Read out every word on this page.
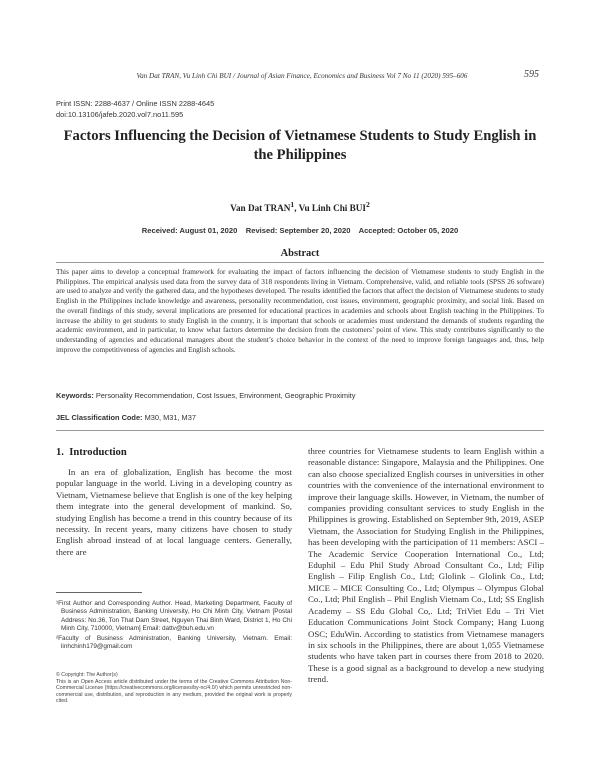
Van Dat TRAN, Vu Linh Chi BUI / Journal of Asian Finance, Economics and Business Vol 7 No 11 (2020) 595–606	595
Print ISSN: 2288-4637 / Online ISSN 2288-4645
doi:10.13106/jafeb.2020.vol7.no11.595
Factors Influencing the Decision of Vietnamese Students to Study English in the Philippines
Van Dat TRAN$^1$, Vu Linh Chi BUI$^2$
Received: August 01, 2020    Revised: September 20, 2020    Accepted: October 05, 2020
Abstract
This paper aims to develop a conceptual framework for evaluating the impact of factors influencing the decision of Vietnamese students to study English in the Philippines. The empirical analysis used data from the survey data of 318 respondents living in Vietnam. Comprehensive, valid, and reliable tools (SPSS 26 software) are used to analyze and verify the gathered data, and the hypotheses developed. The results identified the factors that affect the decision of Vietnamese students to study English in the Philippines include knowledge and awareness, personality recommendation, cost issues, environment, geographic proximity, and social link. Based on the overall findings of this study, several implications are presented for educational practices in academies and schools about English teaching in the Philippines. To increase the ability to get students to study English in the country, it is important that schools or academies must understand the demands of students regarding the academic environment, and in particular, to know what factors determine the decision from the customers’ point of view. This study contributes significantly to the understanding of agencies and educational managers about the student’s choice behavior in the context of the need to improve foreign languages and, thus, help improve the competitiveness of agencies and English schools.
Keywords: Personality Recommendation, Cost Issues, Environment, Geographic Proximity
JEL Classification Code: M30, M31, M37
1.  Introduction

In an era of globalization, English has become the most popular language in the world. Living in a developing country as Vietnam, Vietnamese believe that English is one of the key helping them integrate into the general development of mankind. So, studying English has become a trend in this country because of its necessity. In recent years, many citizens have chosen to study English abroad instead of at local language centers. Generally, there are

three countries for Vietnamese students to learn English within a reasonable distance: Singapore, Malaysia and the Philippines. One can also choose specialized English courses in universities in other countries with the convenience of the international environment to improve their language skills. However, in Vietnam, the number of companies providing consultant services to study English in the Philippines is growing. Established on September 9th, 2019, ASEP Vietnam, the Association for Studying English in the Philippines, has been developing with the participation of 11 members: ASCI – The Academic Service Cooperation International Co., Ltd; Eduphil – Edu Phil Study Abroad Consultant Co., Ltd; Filip English – Filip English Co., Ltd; Glolink – Glolink Co., Ltd; MICE – MICE Consulting Co., Ltd; Olympus – Olympus Global Co., Ltd; Phil English – Phil English Vietnam Co., Ltd; SS English Academy – SS Edu Global Co,. Ltd; TriViet Edu – Tri Viet Education Communications Joint Stock Company; Hang Luong OSC; EduWin. According to statistics from Vietnamese managers in six schools in the Philippines, there are about 1,055 Vietnamese students who have taken part in courses there from 2018 to 2020. These is a good signal as a background to develop a new studying trend.

¹First Author and Corresponding Author. Head, Marketing Department, Faculty of Business Administration, Banking University, Ho Chi Minh City, Vietnam [Postal Address: No.36, Ton That Dam Street, Nguyen Thai Binh Ward, District 1, Ho Chi Minh City, 710000, Vietnam] Email: dattv@buh.edu.vn

²Faculty of Business Administration, Banking University, Vietnam. Email: linhchinh179@gmail.com

© Copyright: The Author(s)

This is an Open Access article distributed under the terms of the Creative Commons Attribution Non-Commercial License (https://creativecommons.org/licenses/by-nc/4.0/) which permits unrestricted non-commercial use, distribution, and reproduction in any medium, provided the original work is properly cited.
